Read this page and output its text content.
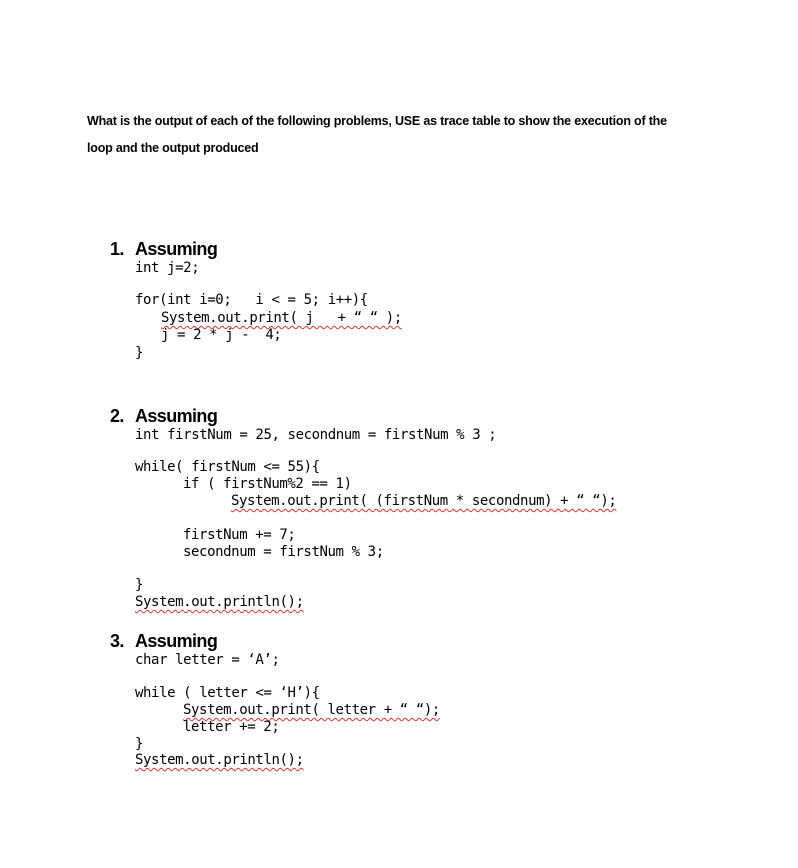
What is the output of each of the following problems, USE as trace table to show the execution of the
loop and the output produced
1. Assuming
int j=2;
for(int i=0;   i < = 5; i++){
System.out.print( j   + “ “ );
j = 2 * j -  4;
}
2. Assuming
int firstNum = 25, secondnum = firstNum % 3 ;
while( firstNum <= 55){
if ( firstNum%2 == 1)
System.out.print( (firstNum * secondnum) + “ “);
firstNum += 7;
secondnum = firstNum % 3;
}
System.out.println();
3. Assuming
char letter = ‘A’;
while ( letter <= ‘H’){
System.out.print( letter + “ “);
letter += 2;
}
System.out.println();
